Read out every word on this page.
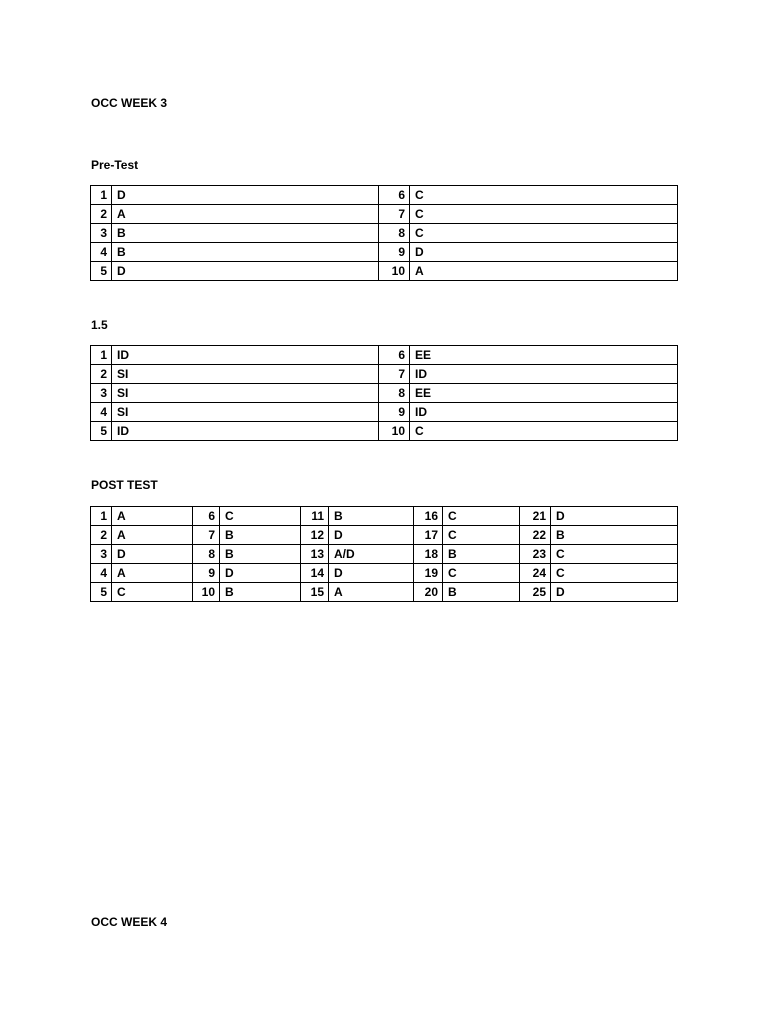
OCC WEEK 3

Pre-Test

1	D	6	C
2	A	7	C
3	B	8	C
4	B	9	D
5	D	10	A

1.5

1	ID	6	EE
2	SI	7	ID
3	SI	8	EE
4	SI	9	ID
5	ID	10	C

POST TEST

1	A	6	C	11	B	16	C	21	D
2	A	7	B	12	D	17	C	22	B
3	D	8	B	13	A/D	18	B	23	C
4	A	9	D	14	D	19	C	24	C
5	C	10	B	15	A	20	B	25	D

OCC WEEK 4
